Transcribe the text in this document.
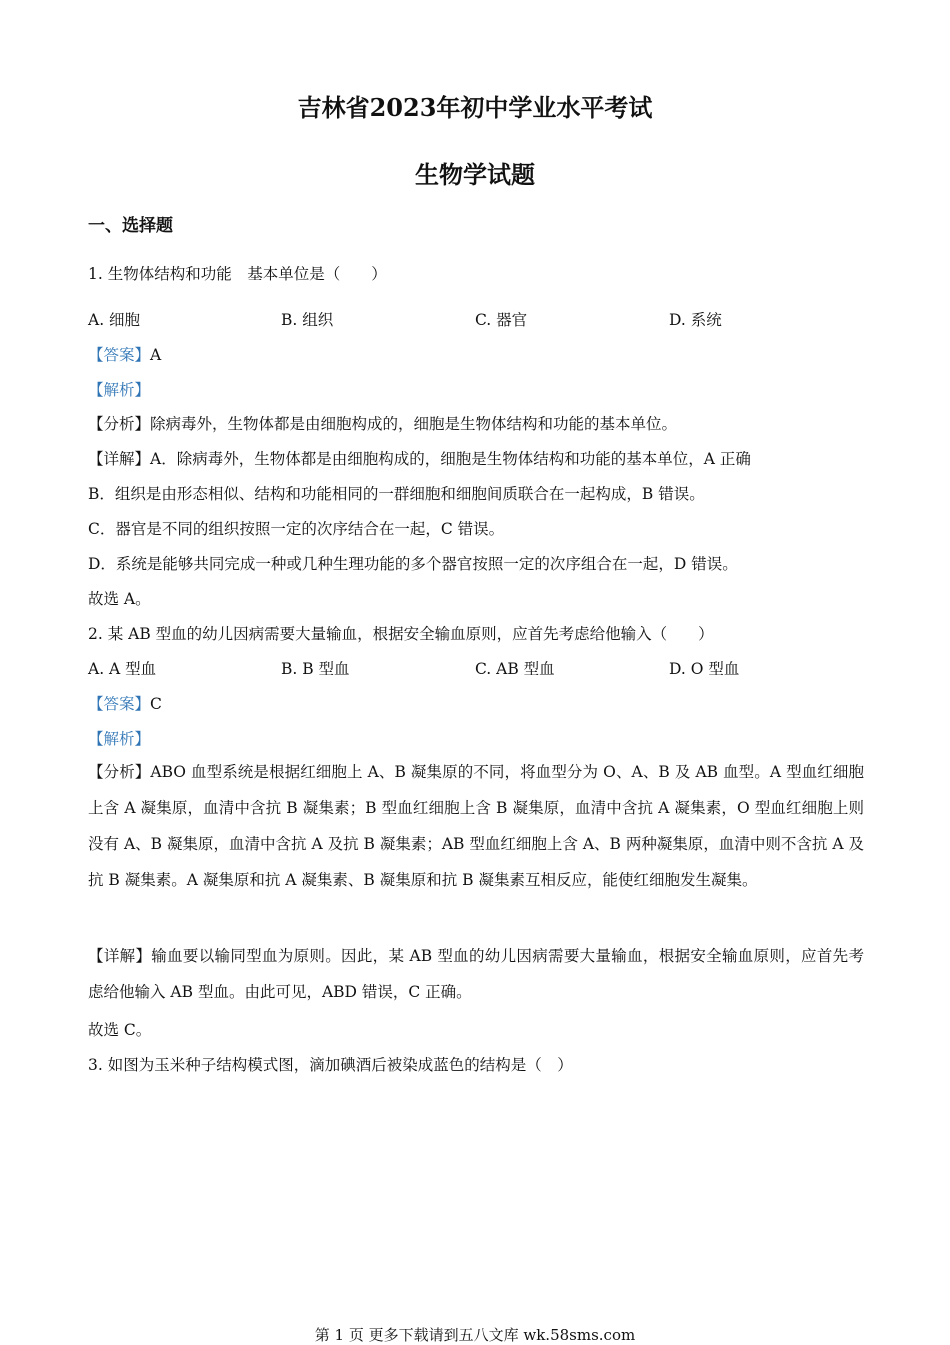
吉林省2023年初中学业水平考试
生物学试题
一、选择题
1. 生物体结构和功能　基本单位是（　　）
A. 细胞	B. 组织	C. 器官	D. 系统
【答案】A
【解析】
【分析】除病毒外，生物体都是由细胞构成的，细胞是生物体结构和功能的基本单位。
【详解】A．除病毒外，生物体都是由细胞构成的，细胞是生物体结构和功能的基本单位，A 正确
B．组织是由形态相似、结构和功能相同的一群细胞和细胞间质联合在一起构成，B 错误。
C．器官是不同的组织按照一定的次序结合在一起，C 错误。
D．系统是能够共同完成一种或几种生理功能的多个器官按照一定的次序组合在一起，D 错误。
故选 A。
2. 某 AB 型血的幼儿因病需要大量输血，根据安全输血原则，应首先考虑给他输入（　　）
A. A 型血	B. B 型血	C. AB 型血	D. O 型血
【答案】C
【解析】
【分析】ABO 血型系统是根据红细胞上 A、B 凝集原的不同，将血型分为 O、A、B 及 AB 血型。A 型血红细胞上含 A 凝集原，血清中含抗 B 凝集素；B 型血红细胞上含 B 凝集原，血清中含抗 A 凝集素，O 型血红细胞上则没有 A、B 凝集原，血清中含抗 A 及抗 B 凝集素；AB 型血红细胞上含 A、B 两种凝集原，血清中则不含抗 A 及抗 B 凝集素。A 凝集原和抗 A 凝集素、B 凝集原和抗 B 凝集素互相反应，能使红细胞发生凝集。
【详解】输血要以输同型血为原则。因此，某 AB 型血的幼儿因病需要大量输血，根据安全输血原则，应首先考虑给他输入 AB 型血。由此可见，ABD 错误，C 正确。
故选 C。
3. 如图为玉米种子结构模式图，滴加碘酒后被染成蓝色的结构是（　）
第 1 页 更多下载请到五八文库 wk.58sms.com
